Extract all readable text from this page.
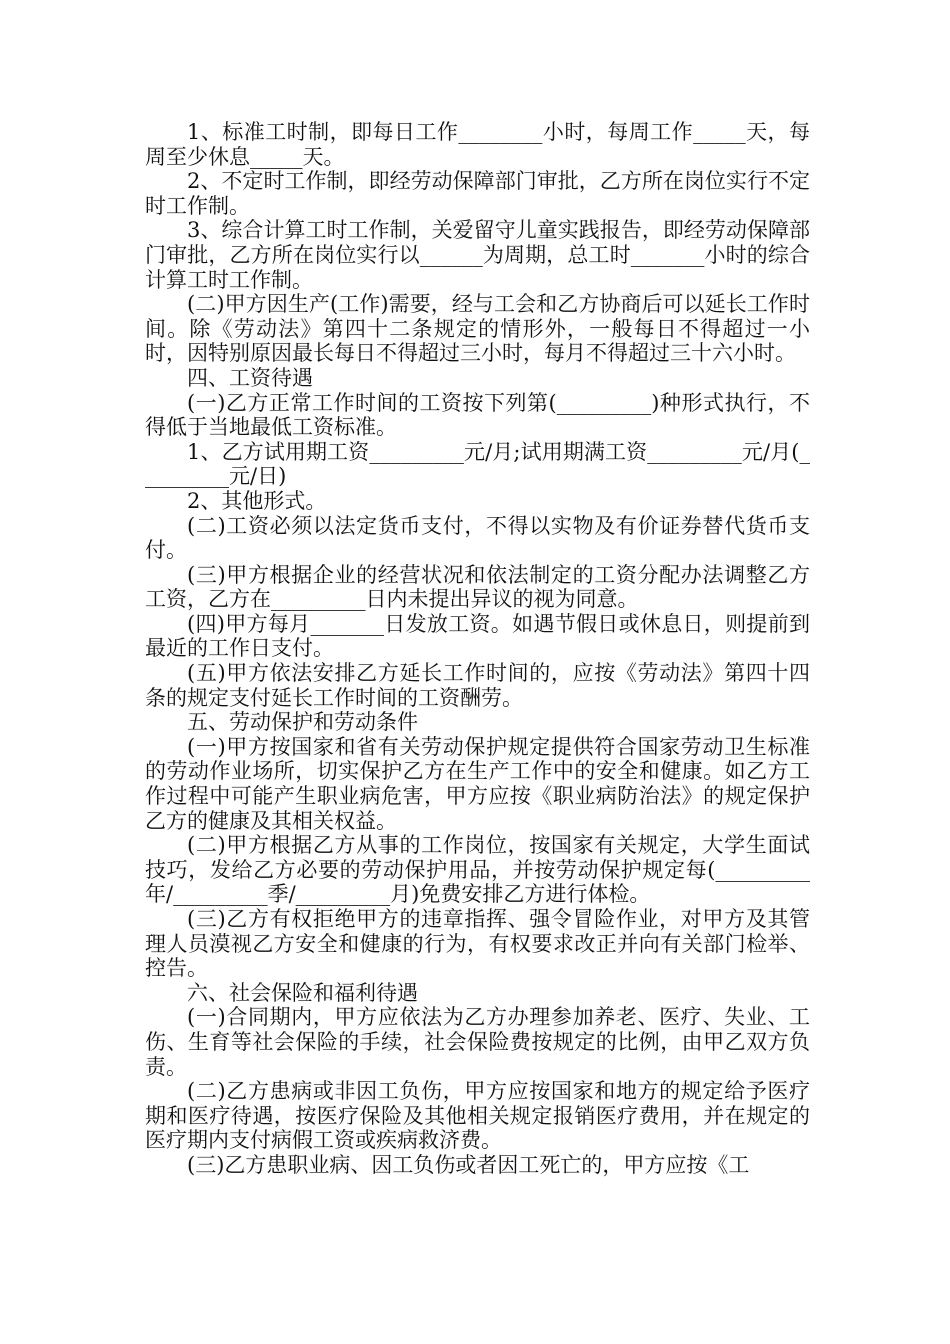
1、标准工时制，即每日工作________小时，每周工作_____天，每周至少休息_____天。

2、不定时工作制，即经劳动保障部门审批，乙方所在岗位实行不定时工作制。

3、综合计算工时工作制，关爱留守儿童实践报告，即经劳动保障部门审批，乙方所在岗位实行以______为周期，总工时_______小时的综合计算工时工作制。

(二)甲方因生产(工作)需要，经与工会和乙方协商后可以延长工作时间。除《劳动法》第四十二条规定的情形外，一般每日不得超过一小时，因特别原因最长每日不得超过三小时，每月不得超过三十六小时。

四、工资待遇

(一)乙方正常工作时间的工资按下列第(_________)种形式执行，不得低于当地最低工资标准。

1、乙方试用期工资_________元/月;试用期满工资_________元/月(_________元/日)

2、其他形式。

(二)工资必须以法定货币支付，不得以实物及有价证券替代货币支付。

(三)甲方根据企业的经营状况和依法制定的工资分配办法调整乙方工资，乙方在_________日内未提出异议的视为同意。

(四)甲方每月_______日发放工资。如遇节假日或休息日，则提前到最近的工作日支付。

(五)甲方依法安排乙方延长工作时间的，应按《劳动法》第四十四条的规定支付延长工作时间的工资酬劳。

五、劳动保护和劳动条件

(一)甲方按国家和省有关劳动保护规定提供符合国家劳动卫生标准的劳动作业场所，切实保护乙方在生产工作中的安全和健康。如乙方工作过程中可能产生职业病危害，甲方应按《职业病防治法》的规定保护乙方的健康及其相关权益。

(二)甲方根据乙方从事的工作岗位，按国家有关规定，大学生面试技巧，发给乙方必要的劳动保护用品，并按劳动保护规定每(_________年/_________季/_________月)免费安排乙方进行体检。

(三)乙方有权拒绝甲方的违章指挥、强令冒险作业，对甲方及其管理人员漠视乙方安全和健康的行为，有权要求改正并向有关部门检举、控告。

六、社会保险和福利待遇

(一)合同期内，甲方应依法为乙方办理参加养老、医疗、失业、工伤、生育等社会保险的手续，社会保险费按规定的比例，由甲乙双方负责。

(二)乙方患病或非因工负伤，甲方应按国家和地方的规定给予医疗期和医疗待遇，按医疗保险及其他相关规定报销医疗费用，并在规定的医疗期内支付病假工资或疾病救济费。

(三)乙方患职业病、因工负伤或者因工死亡的，甲方应按《工
